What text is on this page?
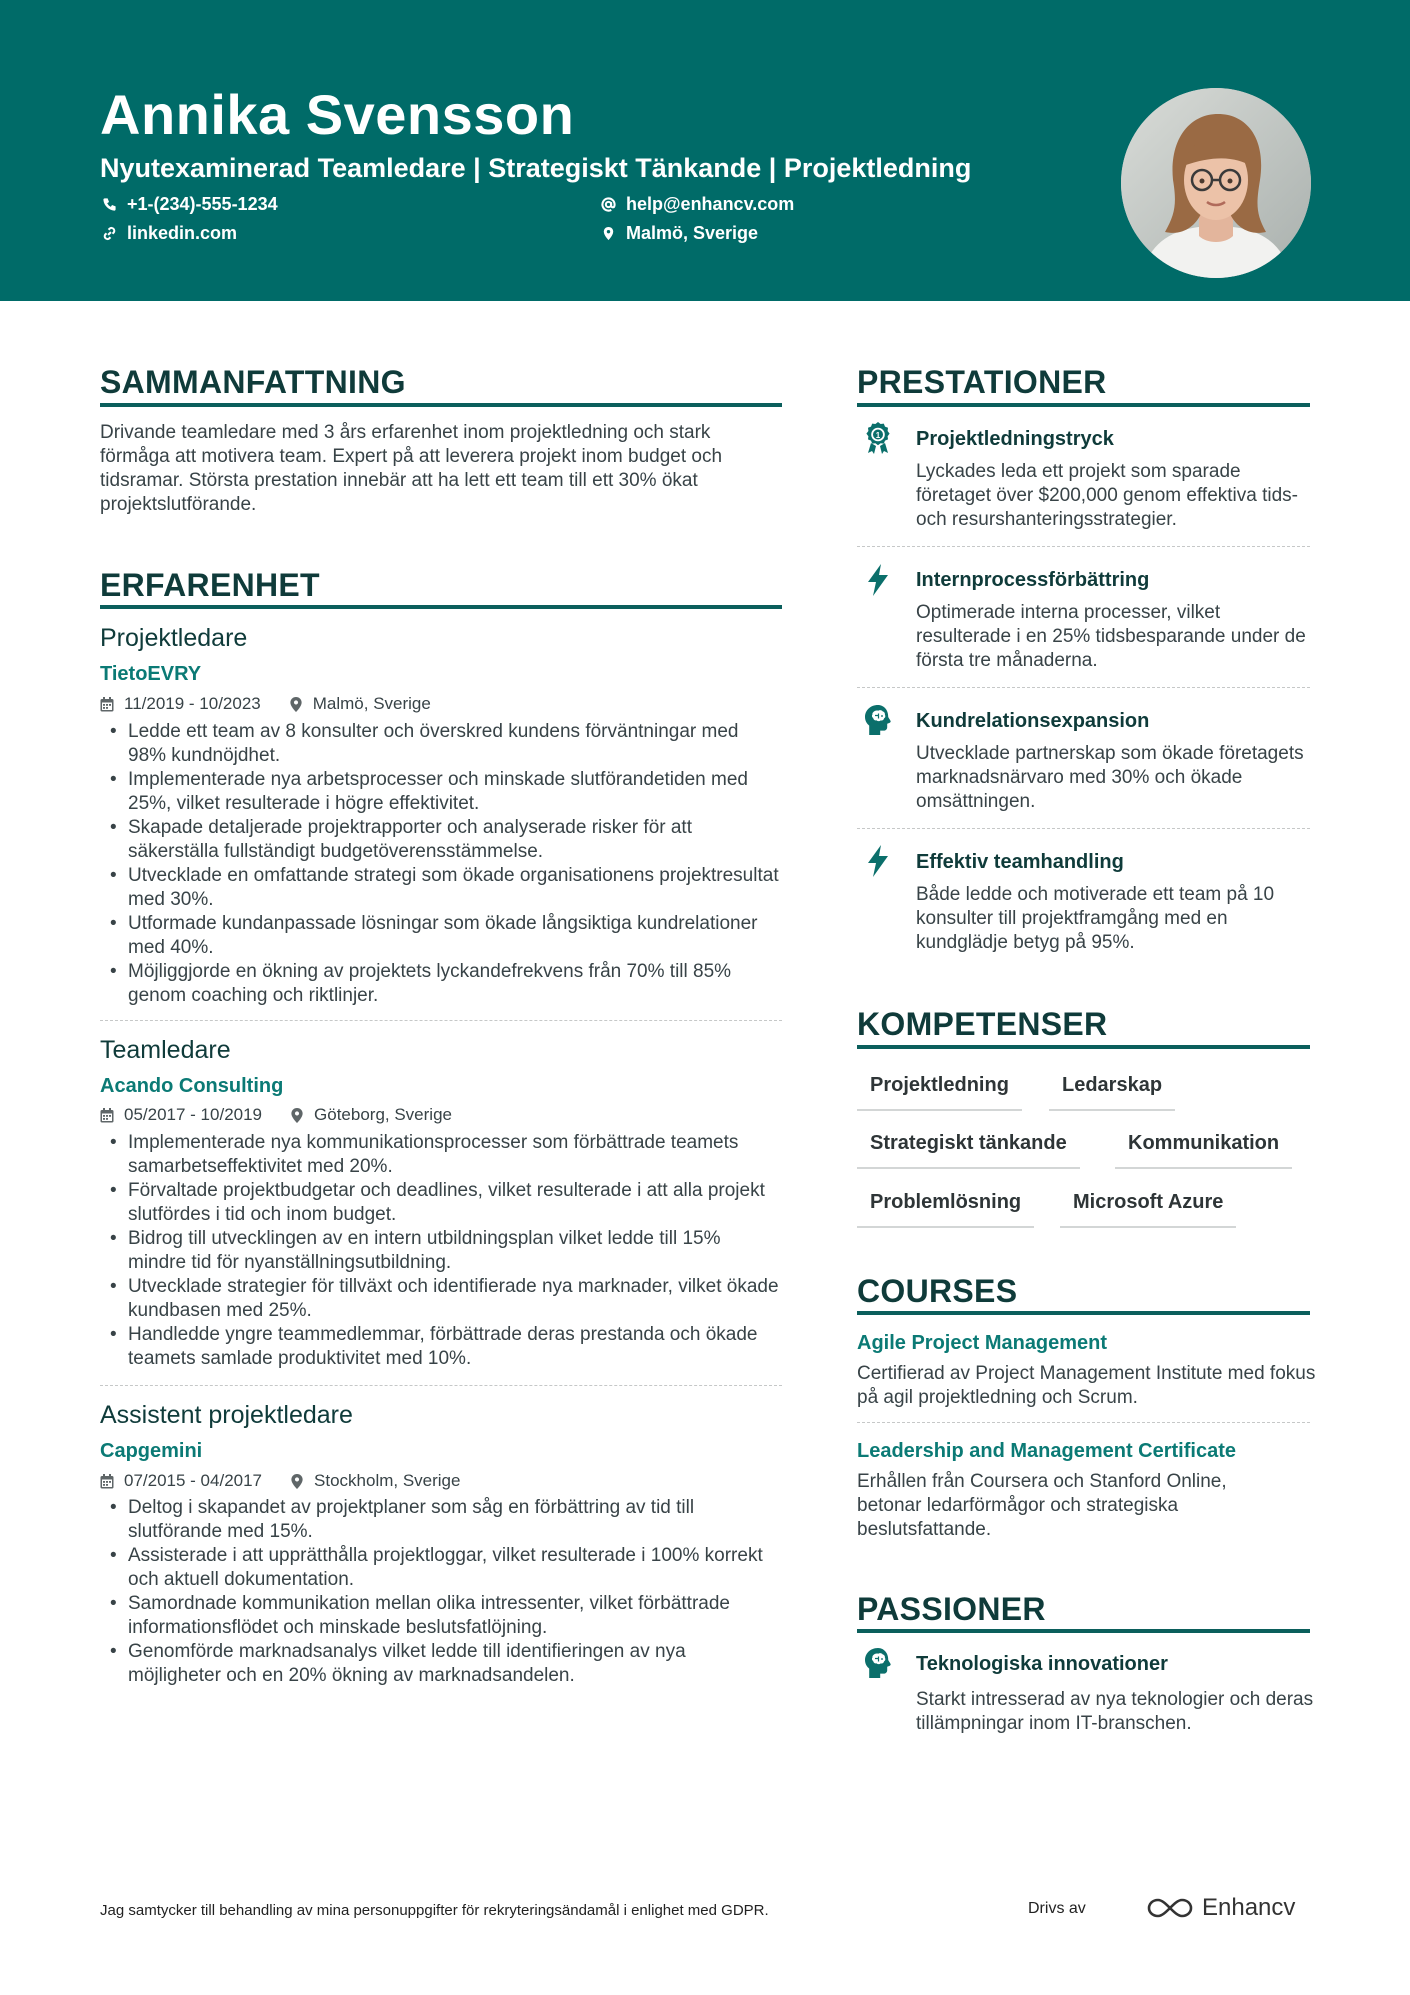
Annika Svensson
Nyutexaminerad Teamledare | Strategiskt Tänkande | Projektledning
+1-(234)-555-1234
linkedin.com
help@enhancv.com
Malmö, Sverige
SAMMANFATTNING
Drivande teamledare med 3 års erfarenhet inom projektledning och stark förmåga att motivera team. Expert på att leverera projekt inom budget och tidsramar. Största prestation innebär att ha lett ett team till ett 30% ökat projektslutförande.
ERFARENHET
Projektledare
TietoEVRY
11/2019 - 10/2023	Malmö, Sverige
• Ledde ett team av 8 konsulter och överskred kundens förväntningar med 98% kundnöjdhet.
• Implementerade nya arbetsprocesser och minskade slutförandetiden med 25%, vilket resulterade i högre effektivitet.
• Skapade detaljerade projektrapporter och analyserade risker för att säkerställa fullständigt budgetöverensstämmelse.
• Utvecklade en omfattande strategi som ökade organisationens projektresultat med 30%.
• Utformade kundanpassade lösningar som ökade långsiktiga kundrelationer med 40%.
• Möjliggjorde en ökning av projektets lyckandefrekvens från 70% till 85% genom coaching och riktlinjer.
Teamledare
Acando Consulting
05/2017 - 10/2019	Göteborg, Sverige
• Implementerade nya kommunikationsprocesser som förbättrade teamets samarbetseffektivitet med 20%.
• Förvaltade projektbudgetar och deadlines, vilket resulterade i att alla projekt slutfördes i tid och inom budget.
• Bidrog till utvecklingen av en intern utbildningsplan vilket ledde till 15% mindre tid för nyanställningsutbildning.
• Utvecklade strategier för tillväxt och identifierade nya marknader, vilket ökade kundbasen med 25%.
• Handledde yngre teammedlemmar, förbättrade deras prestanda och ökade teamets samlade produktivitet med 10%.
Assistent projektledare
Capgemini
07/2015 - 04/2017	Stockholm, Sverige
• Deltog i skapandet av projektplaner som såg en förbättring av tid till slutförande med 15%.
• Assisterade i att upprätthålla projektloggar, vilket resulterade i 100% korrekt och aktuell dokumentation.
• Samordnade kommunikation mellan olika intressenter, vilket förbättrade informationsflödet och minskade beslutsfatlöjning.
• Genomförde marknadsanalys vilket ledde till identifieringen av nya möjligheter och en 20% ökning av marknadsandelen.
PRESTATIONER
Projektledningstryck
Lyckades leda ett projekt som sparade företaget över $200,000 genom effektiva tids- och resurshanteringsstrategier.
Internprocessförbättring
Optimerade interna processer, vilket resulterade i en 25% tidsbesparande under de första tre månaderna.
Kundrelationsexpansion
Utvecklade partnerskap som ökade företagets marknadsnärvaro med 30% och ökade omsättningen.
Effektiv teamhandling
Både ledde och motiverade ett team på 10 konsulter till projektframgång med en kundglädje betyg på 95%.
KOMPETENSER
Projektledning	Ledarskap
Strategiskt tänkande	Kommunikation
Problemlösning	Microsoft Azure
COURSES
Agile Project Management
Certifierad av Project Management Institute med fokus på agil projektledning och Scrum.
Leadership and Management Certificate
Erhållen från Coursera och Stanford Online, betonar ledarförmågor och strategiska beslutsfattande.
PASSIONER
Teknologiska innovationer
Starkt intresserad av nya teknologier och deras tillämpningar inom IT-branschen.
Jag samtycker till behandling av mina personuppgifter för rekryteringsändamål i enlighet med GDPR.	Drivs av	Enhancv
